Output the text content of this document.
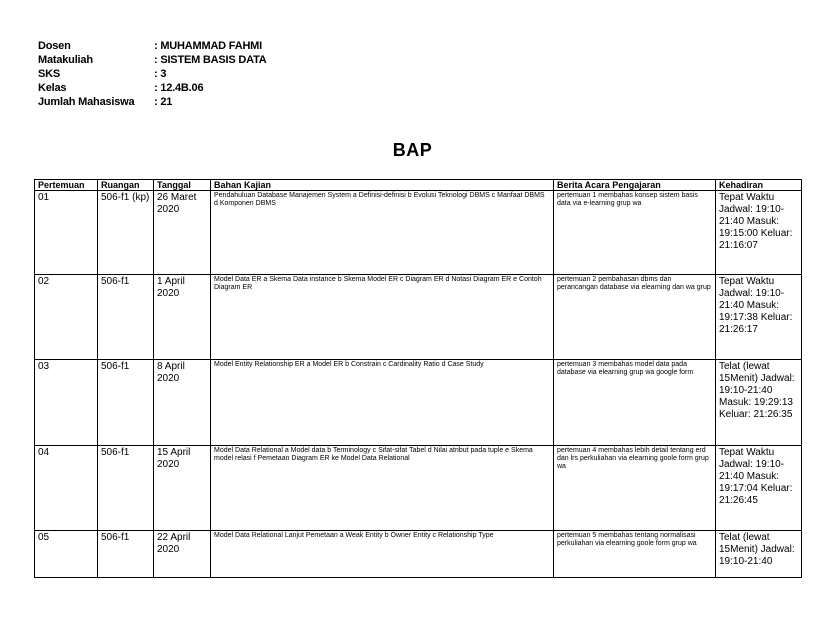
Dosen	: MUHAMMAD FAHMI
Matakuliah	: SISTEM BASIS DATA
SKS	: 3
Kelas	: 12.4B.06
Jumlah Mahasiswa	: 21
BAP
Pertemuan	Ruangan	Tanggal	Bahan Kajian	Berita Acara Pengajaran	Kehadiran
01	506-f1 (kp)	26 Maret 2020	Pendahuluan Database Manajemen System a Definisi-definisi b Evolusi Teknologi DBMS c Manfaat DBMS d Komponen DBMS	pertemuan 1 membahas konsep sistem basis data via e-learning grup wa	Tepat Waktu Jadwal: 19:10-21:40 Masuk: 19:15:00 Keluar: 21:16:07

02	506-f1	1 April 2020	Model Data ER a Skema Data instance b Skema Model ER c Diagram ER d Notasi Diagram ER e Contoh Diagram ER	pertemuan 2 pembahasan dbms dan perancangan database via elearning dan wa grup	Tepat Waktu Jadwal: 19:10-21:40 Masuk: 19:17:38 Keluar: 21:26:17

03	506-f1	8 April 2020	Model Entity Relationship ER a Model ER b Constrain c Cardinality Ratio d Case Study	pertemuan 3 membahas model data pada database via elearning grup wa google form	Telat (lewat 15Menit) Jadwal: 19:10-21:40 Masuk: 19:29:13 Keluar: 21:26:35

04	506-f1	15 April 2020	Model Data Relational a Model data b Terminology c Sifat-sifat Tabel d Nilai atribut pada tuple e Skema model relasi f Pemetaan Diagram ER ke Model Data Relational	pertemuan 4 membahas lebih detail tentang erd dan lrs perkuliahan via elearning goole form grup wa	Tepat Waktu Jadwal: 19:10-21:40 Masuk: 19:17:04 Keluar: 21:26:45

05	506-f1	22 April 2020	Model Data Relational Lanjut Pemetaan a Weak Entity b Owner Entity c Relationship Type	pertemuan 5 membahas tentang normalisasi perkuliahan via elearning goole form grup wa	Telat (lewat 15Menit) Jadwal: 19:10-21:40
